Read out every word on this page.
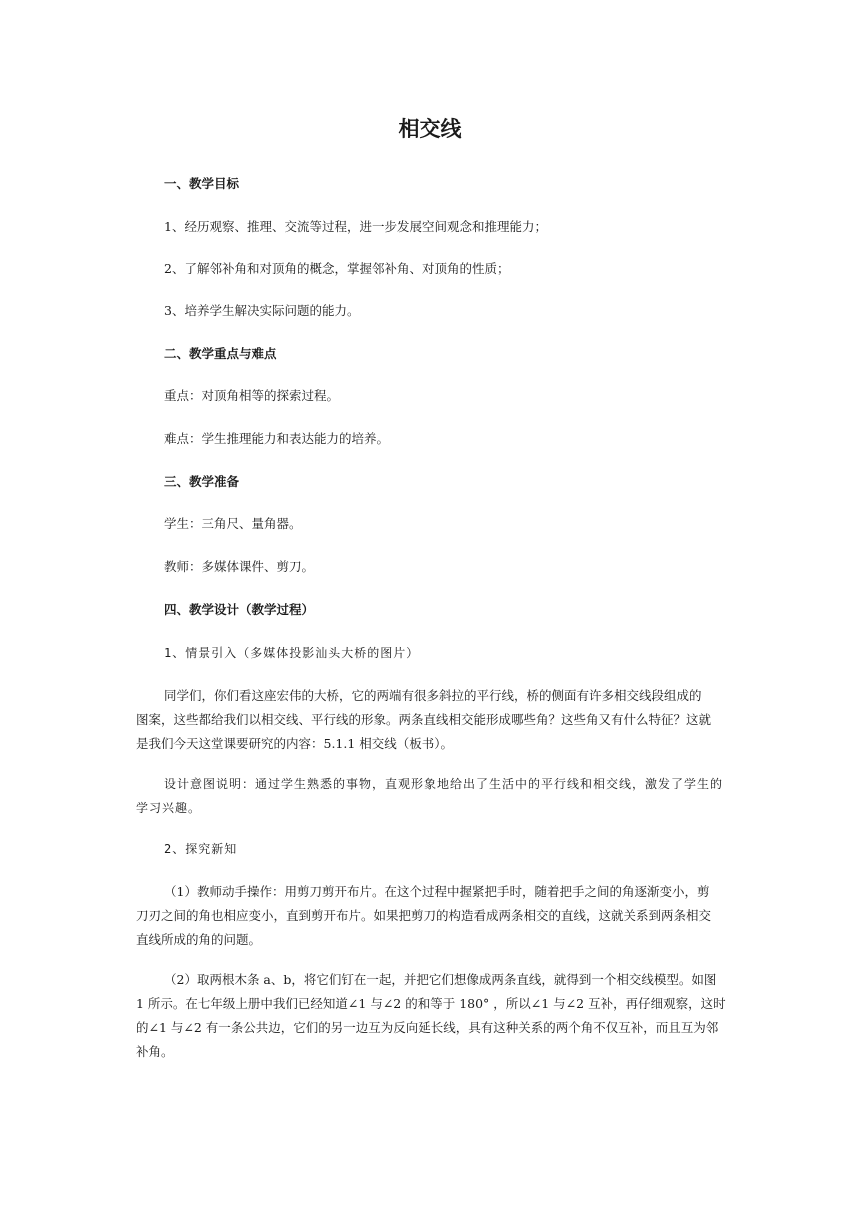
相交线

一、教学目标

1、经历观察、推理、交流等过程，进一步发展空间观念和推理能力；

2、了解邻补角和对顶角的概念，掌握邻补角、对顶角的性质；

3、培养学生解决实际问题的能力。

二、教学重点与难点

重点：对顶角相等的探索过程。

难点：学生推理能力和表达能力的培养。

三、教学准备

学生：三角尺、量角器。

教师：多媒体课件、剪刀。

四、教学设计（教学过程）

1、情景引入（多媒体投影汕头大桥的图片）

同学们，你们看这座宏伟的大桥，它的两端有很多斜拉的平行线，桥的侧面有许多相交线段组成的
图案，这些都给我们以相交线、平行线的形象。两条直线相交能形成哪些角？这些角又有什么特征？这就
是我们今天这堂课要研究的内容：5.1.1 相交线（板书）。
设计意图说明：通过学生熟悉的事物，直观形象地给出了生活中的平行线和相交线，激发了学生的
学习兴趣。

2、探究新知

（1）教师动手操作：用剪刀剪开布片。在这个过程中握紧把手时，随着把手之间的角逐渐变小，剪
刀刃之间的角也相应变小，直到剪开布片。如果把剪刀的构造看成两条相交的直线，这就关系到两条相交
直线所成的角的问题。
（2）取两根木条 a、b，将它们钉在一起，并把它们想像成两条直线，就得到一个相交线模型。如图
1 所示。在七年级上册中我们已经知道∠1 与∠2 的和等于 180° ，所以∠1 与∠2 互补，再仔细观察，这时
的∠1 与∠2 有一条公共边，它们的另一边互为反向延长线，具有这种关系的两个角不仅互补，而且互为邻
补角。
